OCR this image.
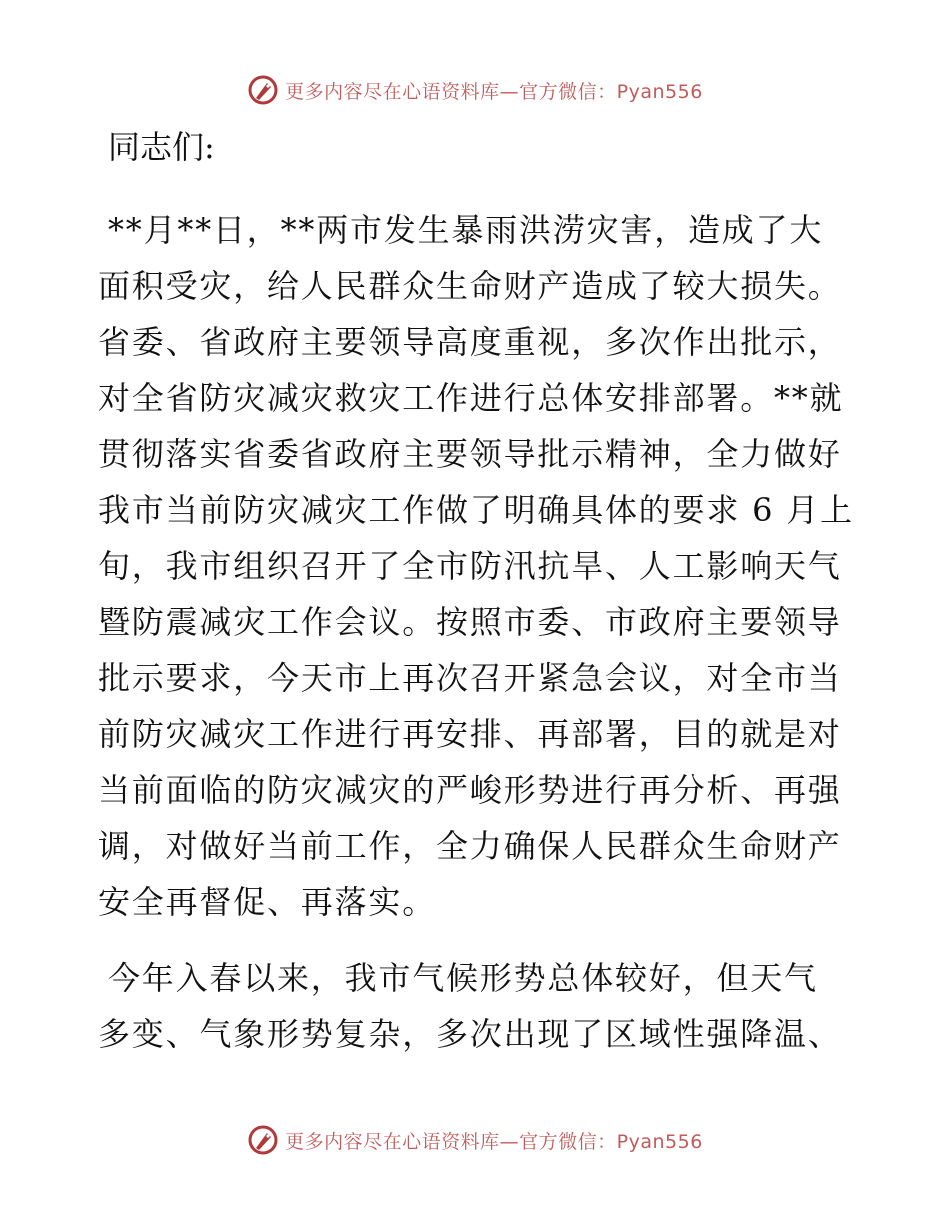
更多内容尽在心语资料库—官方微信：Pyan556
同志们:
**月**日，**两市发生暴雨洪涝灾害，造成了大
面积受灾，给人民群众生命财产造成了较大损失。
省委、省政府主要领导高度重视，多次作出批示，
对全省防灾减灾救灾工作进行总体安排部署。**就
贯彻落实省委省政府主要领导批示精神，全力做好
我市当前防灾减灾工作做了明确具体的要求 6 月上
旬，我市组织召开了全市防汛抗旱、人工影响天气
暨防震减灾工作会议。按照市委、市政府主要领导
批示要求，今天市上再次召开紧急会议，对全市当
前防灾减灾工作进行再安排、再部署，目的就是对
当前面临的防灾减灾的严峻形势进行再分析、再强
调，对做好当前工作，全力确保人民群众生命财产
安全再督促、再落实。
今年入春以来，我市气候形势总体较好，但天气
多变、气象形势复杂，多次出现了区域性强降温、
更多内容尽在心语资料库—官方微信：Pyan556
